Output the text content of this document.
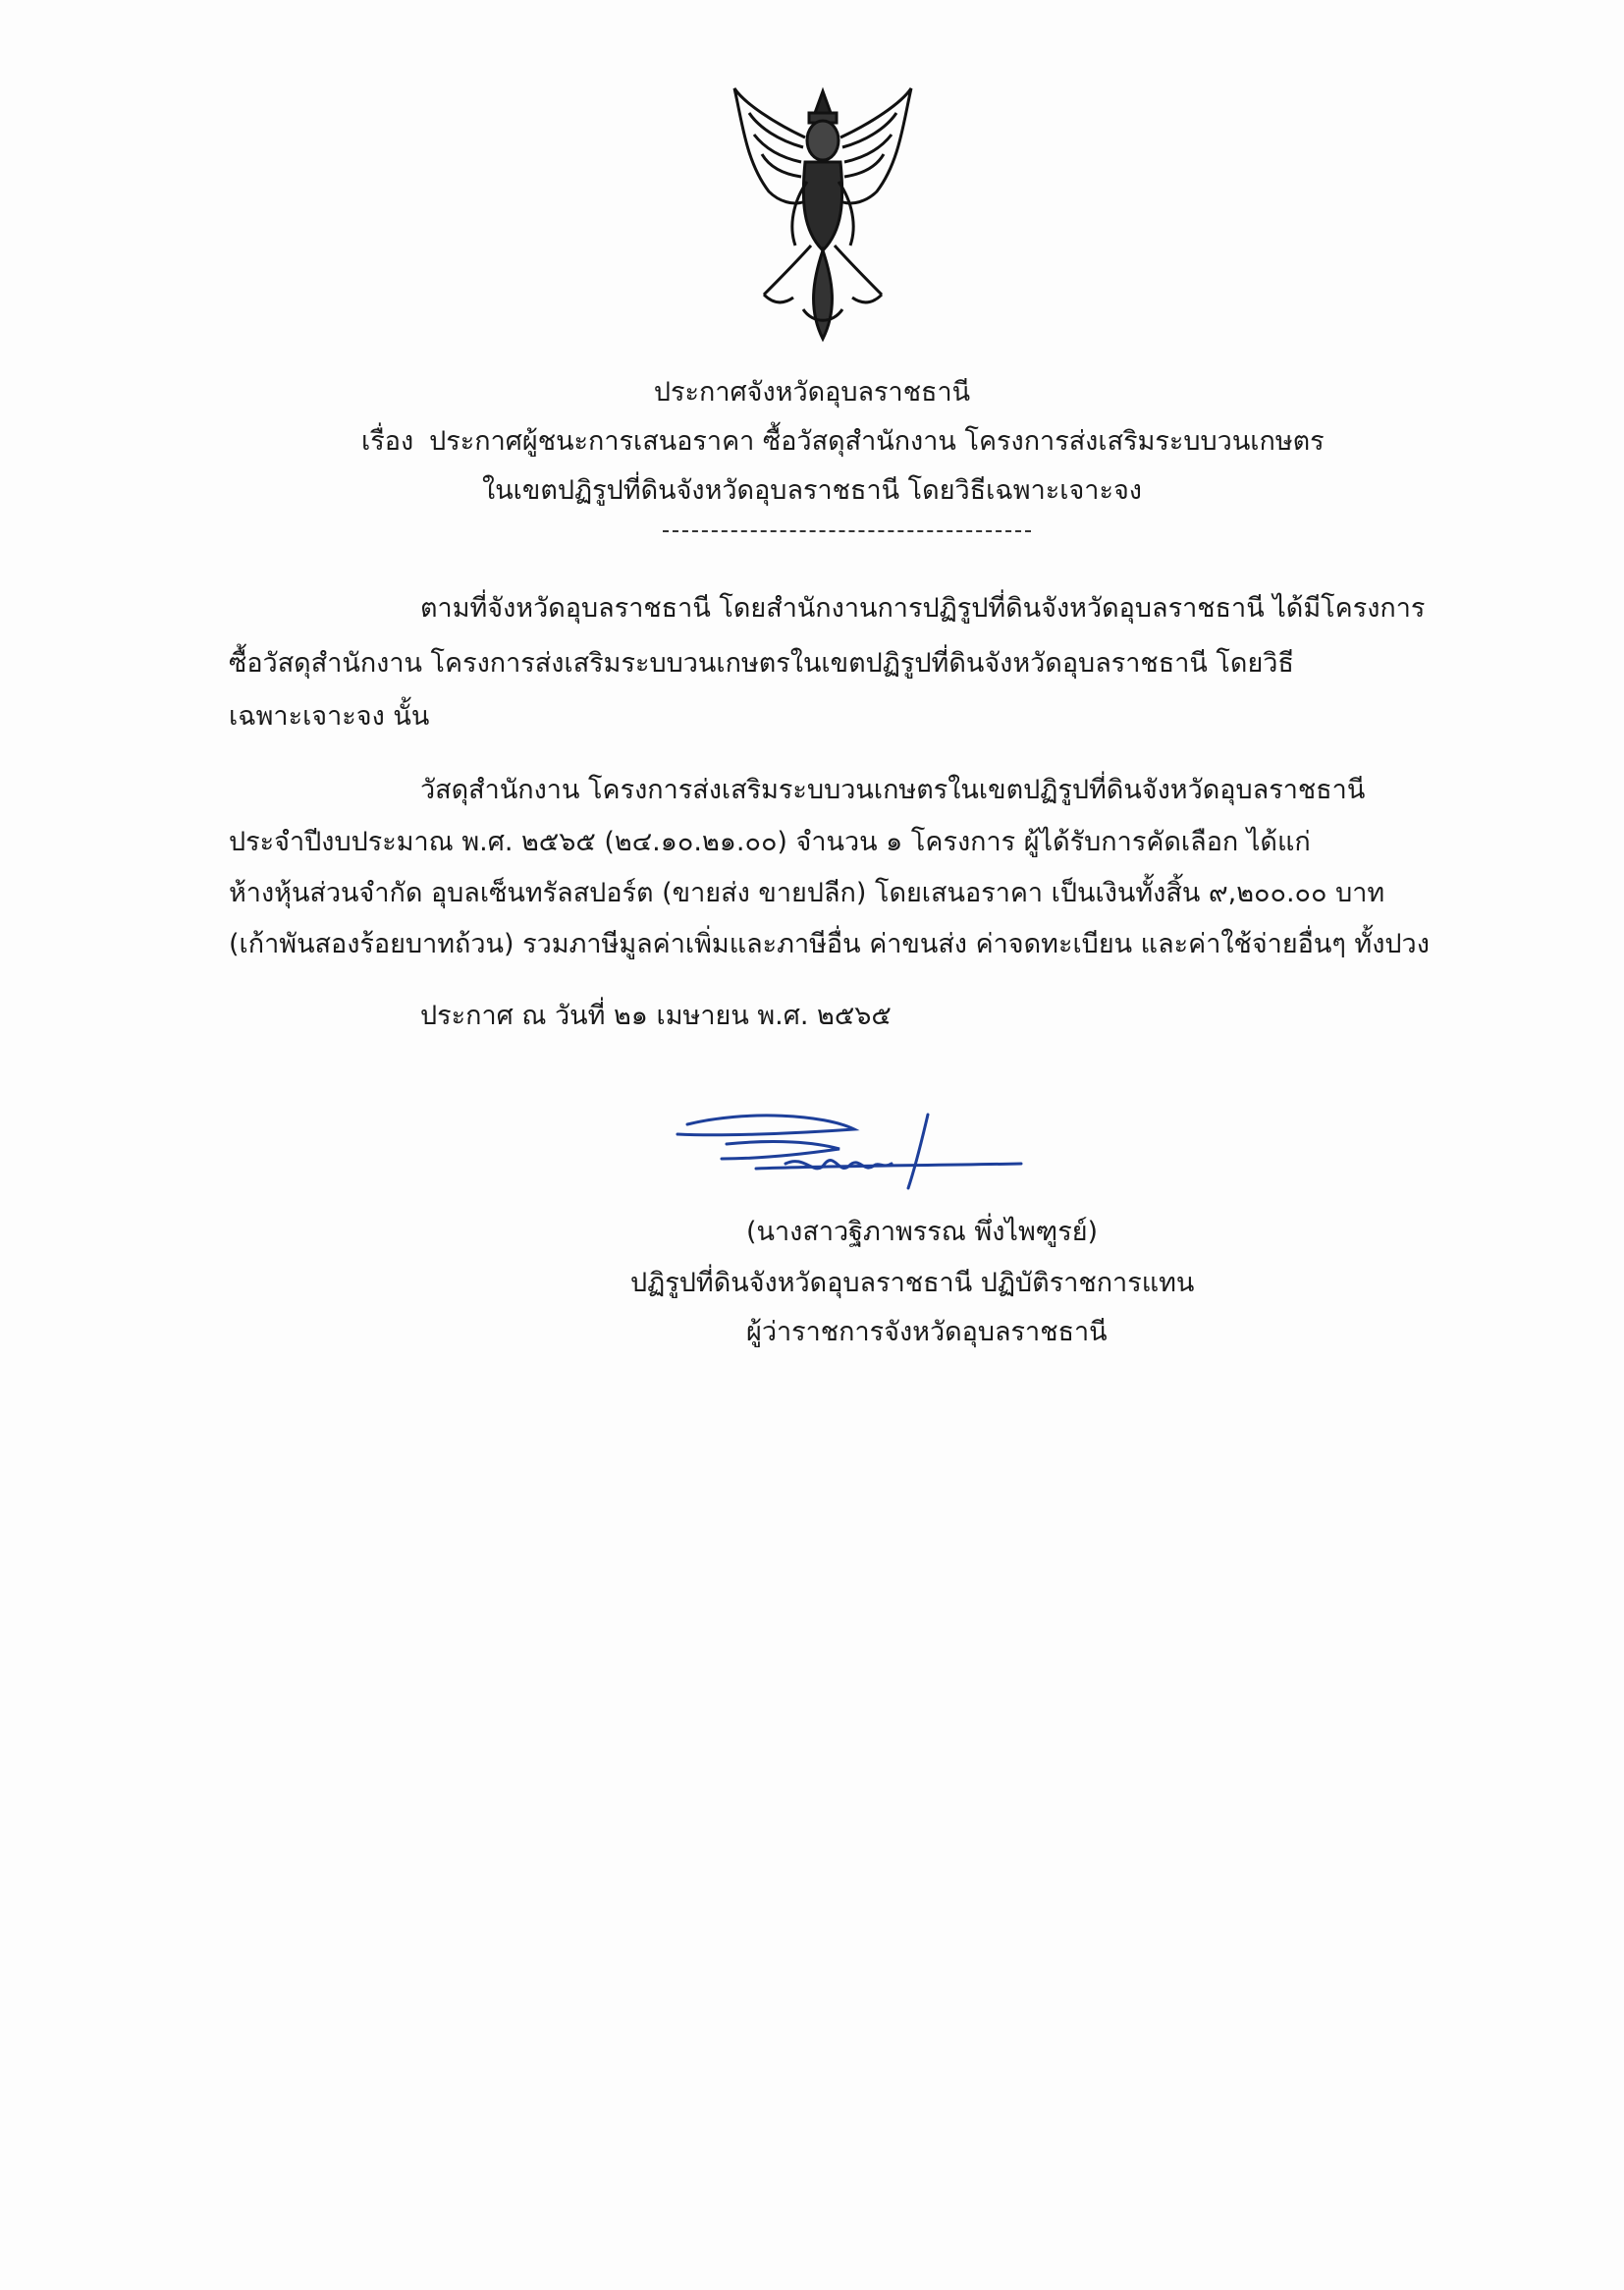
ประกาศจังหวัดอุบลราชธานี
เรื่อง ประกาศผู้ชนะการเสนอราคา ซื้อวัสดุสำนักงาน โครงการส่งเสริมระบบวนเกษตร
ในเขตปฏิรูปที่ดินจังหวัดอุบลราชธานี โดยวิธีเฉพาะเจาะจง
ตามที่จังหวัดอุบลราชธานี โดยสำนักงานการปฏิรูปที่ดินจังหวัดอุบลราชธานี ได้มีโครงการ
ซื้อวัสดุสำนักงาน โครงการส่งเสริมระบบวนเกษตรในเขตปฏิรูปที่ดินจังหวัดอุบลราชธานี โดยวิธี
เฉพาะเจาะจง นั้น
วัสดุสำนักงาน โครงการส่งเสริมระบบวนเกษตรในเขตปฏิรูปที่ดินจังหวัดอุบลราชธานี
ประจำปีงบประมาณ พ.ศ. ๒๕๖๕ (๒๔.๑๐.๒๑.๐๐) จำนวน ๑ โครงการ ผู้ได้รับการคัดเลือก ได้แก่
ห้างหุ้นส่วนจำกัด อุบลเซ็นทรัลสปอร์ต (ขายส่ง ขายปลีก) โดยเสนอราคา เป็นเงินทั้งสิ้น ๙,๒๐๐.๐๐ บาท
(เก้าพันสองร้อยบาทถ้วน) รวมภาษีมูลค่าเพิ่มและภาษีอื่น ค่าขนส่ง ค่าจดทะเบียน และค่าใช้จ่ายอื่นๆ ทั้งปวง
ประกาศ ณ วันที่ ๒๑ เมษายน พ.ศ. ๒๕๖๕
(นางสาวฐิภาพรรณ พึ่งไพฑูรย์)
ปฏิรูปที่ดินจังหวัดอุบลราชธานี ปฏิบัติราชการแทน
ผู้ว่าราชการจังหวัดอุบลราชธานี
